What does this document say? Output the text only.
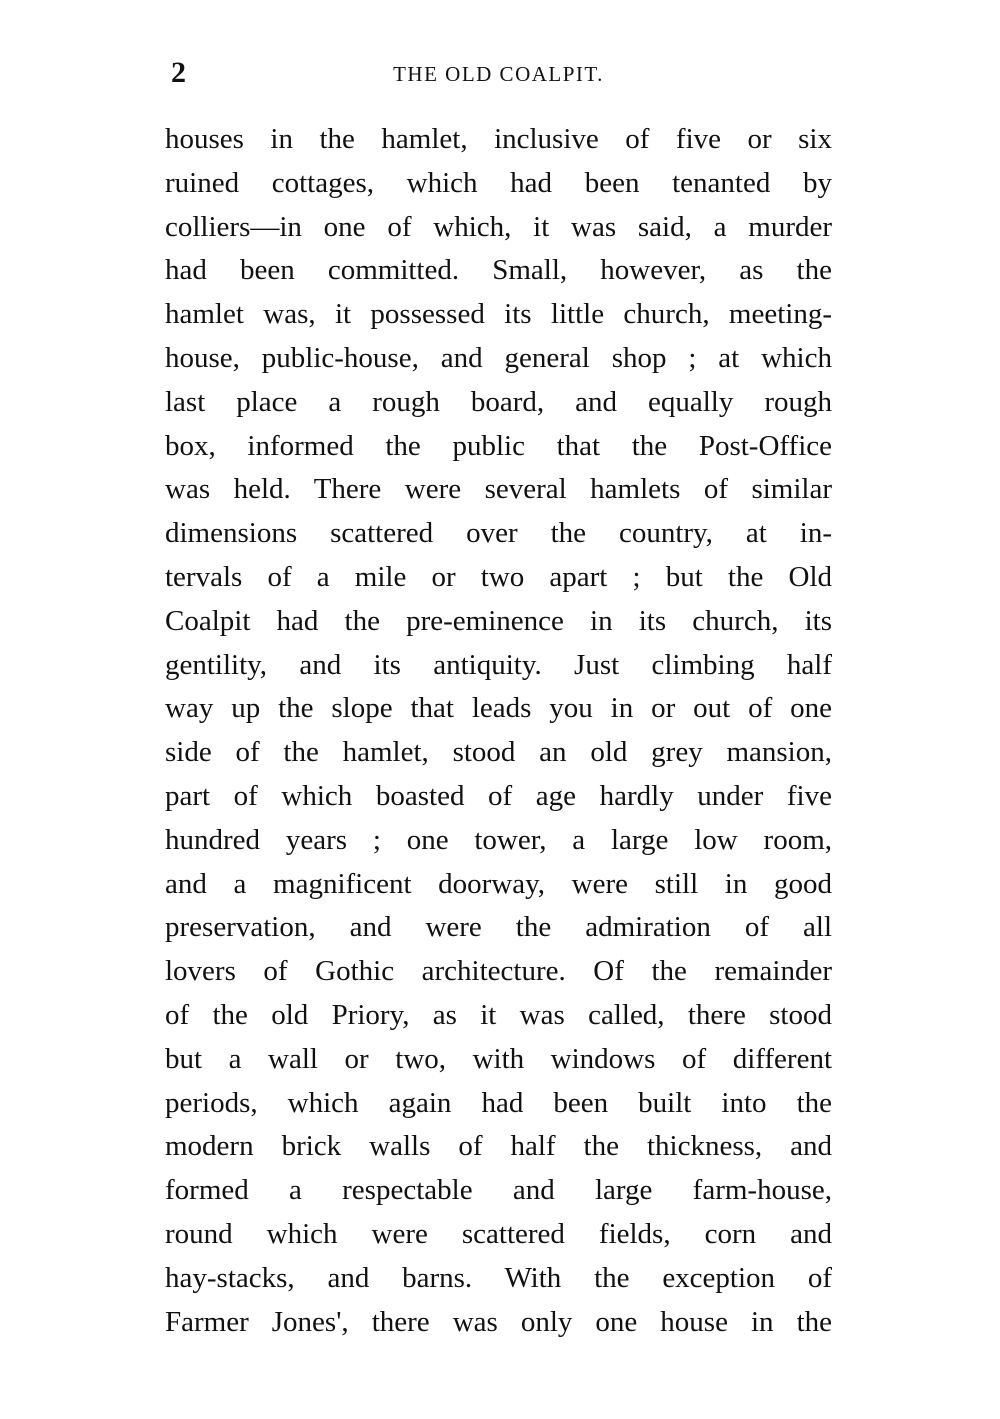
2	THE OLD COALPIT.
houses in the hamlet, inclusive of five or six
ruined cottages, which had been tenanted by
colliers—in one of which, it was said, a murder
had been committed. Small, however, as the
hamlet was, it possessed its little church, meeting-
house, public-house, and general shop ; at which
last place a rough board, and equally rough
box, informed the public that the Post-Office
was held. There were several hamlets of similar
dimensions scattered over the country, at in-
tervals of a mile or two apart ; but the Old
Coalpit had the pre-eminence in its church, its
gentility, and its antiquity. Just climbing half
way up the slope that leads you in or out of one
side of the hamlet, stood an old grey mansion,
part of which boasted of age hardly under five
hundred years ; one tower, a large low room,
and a magnificent doorway, were still in good
preservation, and were the admiration of all
lovers of Gothic architecture. Of the remainder
of the old Priory, as it was called, there stood
but a wall or two, with windows of different
periods, which again had been built into the
modern brick walls of half the thickness, and
formed a respectable and large farm-house,
round which were scattered fields, corn and
hay-stacks, and barns. With the exception of
Farmer Jones', there was only one house in the
